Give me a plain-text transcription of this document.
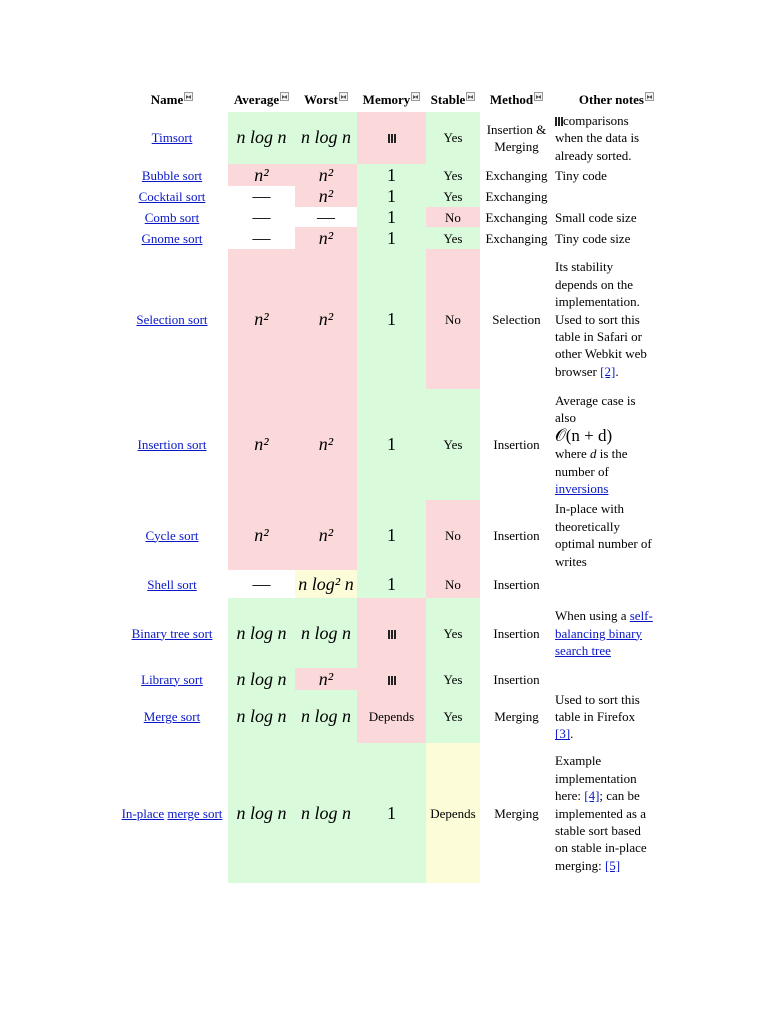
Name	Average	Worst	Memory	Stable	Method	Other notes
Timsort	n log n	n log n		Yes	Insertion & Merging	comparisons when the data is already sorted.
Bubble sort	n²	n²	1	Yes	Exchanging	Tiny code
Cocktail sort	—	n²	1	Yes	Exchanging	
Comb sort	—	—	1	No	Exchanging	Small code size
Gnome sort	—	n²	1	Yes	Exchanging	Tiny code size
Selection sort	n²	n²	1	No	Selection	Its stability depends on the implementation. Used to sort this table in Safari or other Webkit web browser [2].
Insertion sort	n²	n²	1	Yes	Insertion	Average case is also
𝒪(n + d)
where d is the number of inversions
Cycle sort	n²	n²	1	No	Insertion	In-place with theoretically optimal number of writes
Shell sort	—	n log² n	1	No	Insertion	
Binary tree sort	n log n	n log n		Yes	Insertion	When using a self-balancing binary search tree
Library sort	n log n	n²		Yes	Insertion	
Merge sort	n log n	n log n	Depends	Yes	Merging	Used to sort this table in Firefox [3].
In-place merge sort	n log n	n log n	1	Depends	Merging	Example implementation here: [4]; can be implemented as a stable sort based on stable in-place merging: [5]
